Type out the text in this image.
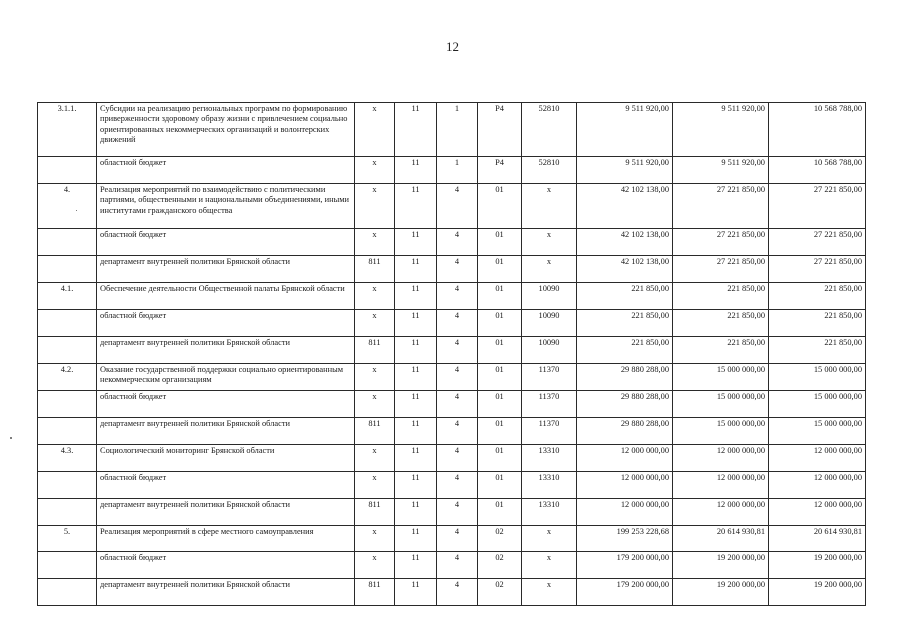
12
3.1.1.	Субсидии на реализацию региональных программ по формированию приверженности здоровому образу жизни с привлечением социально ориентированных некоммерческих организаций и волонтерских движений	х	11	1	Р4	52810	9 511 920,00	9 511 920,00	10 568 788,00
	областной бюджет	х	11	1	Р4	52810	9 511 920,00	9 511 920,00	10 568 788,00
4.	Реализация мероприятий по взаимодействию с политическими партиями, общественными и национальными объединениями, иными институтами гражданского общества	х	11	4	01	х	42 102 138,00	27 221 850,00	27 221 850,00
	областной бюджет	х	11	4	01	х	42 102 138,00	27 221 850,00	27 221 850,00
	департамент внутренней политики Брянской области	811	11	4	01	х	42 102 138,00	27 221 850,00	27 221 850,00
4.1.	Обеспечение деятельности Общественной палаты Брянской области	х	11	4	01	10090	221 850,00	221 850,00	221 850,00
	областной бюджет	х	11	4	01	10090	221 850,00	221 850,00	221 850,00
	департамент внутренней политики Брянской области	811	11	4	01	10090	221 850,00	221 850,00	221 850,00
4.2.	Оказание государственной поддержки социально ориентированным некоммерческим организациям	х	11	4	01	11370	29 880 288,00	15 000 000,00	15 000 000,00
	областной бюджет	х	11	4	01	11370	29 880 288,00	15 000 000,00	15 000 000,00
	департамент внутренней политики Брянской области	811	11	4	01	11370	29 880 288,00	15 000 000,00	15 000 000,00
4.3.	Социологический мониторинг Брянской области	х	11	4	01	13310	12 000 000,00	12 000 000,00	12 000 000,00
	областной бюджет	х	11	4	01	13310	12 000 000,00	12 000 000,00	12 000 000,00
	департамент внутренней политики Брянской области	811	11	4	01	13310	12 000 000,00	12 000 000,00	12 000 000,00
5.	Реализация мероприятий в сфере местного самоуправления	х	11	4	02	х	199 253 228,68	20 614 930,81	20 614 930,81
	областной бюджет	х	11	4	02	х	179 200 000,00	19 200 000,00	19 200 000,00
	департамент внутренней политики Брянской области	811	11	4	02	х	179 200 000,00	19 200 000,00	19 200 000,00
